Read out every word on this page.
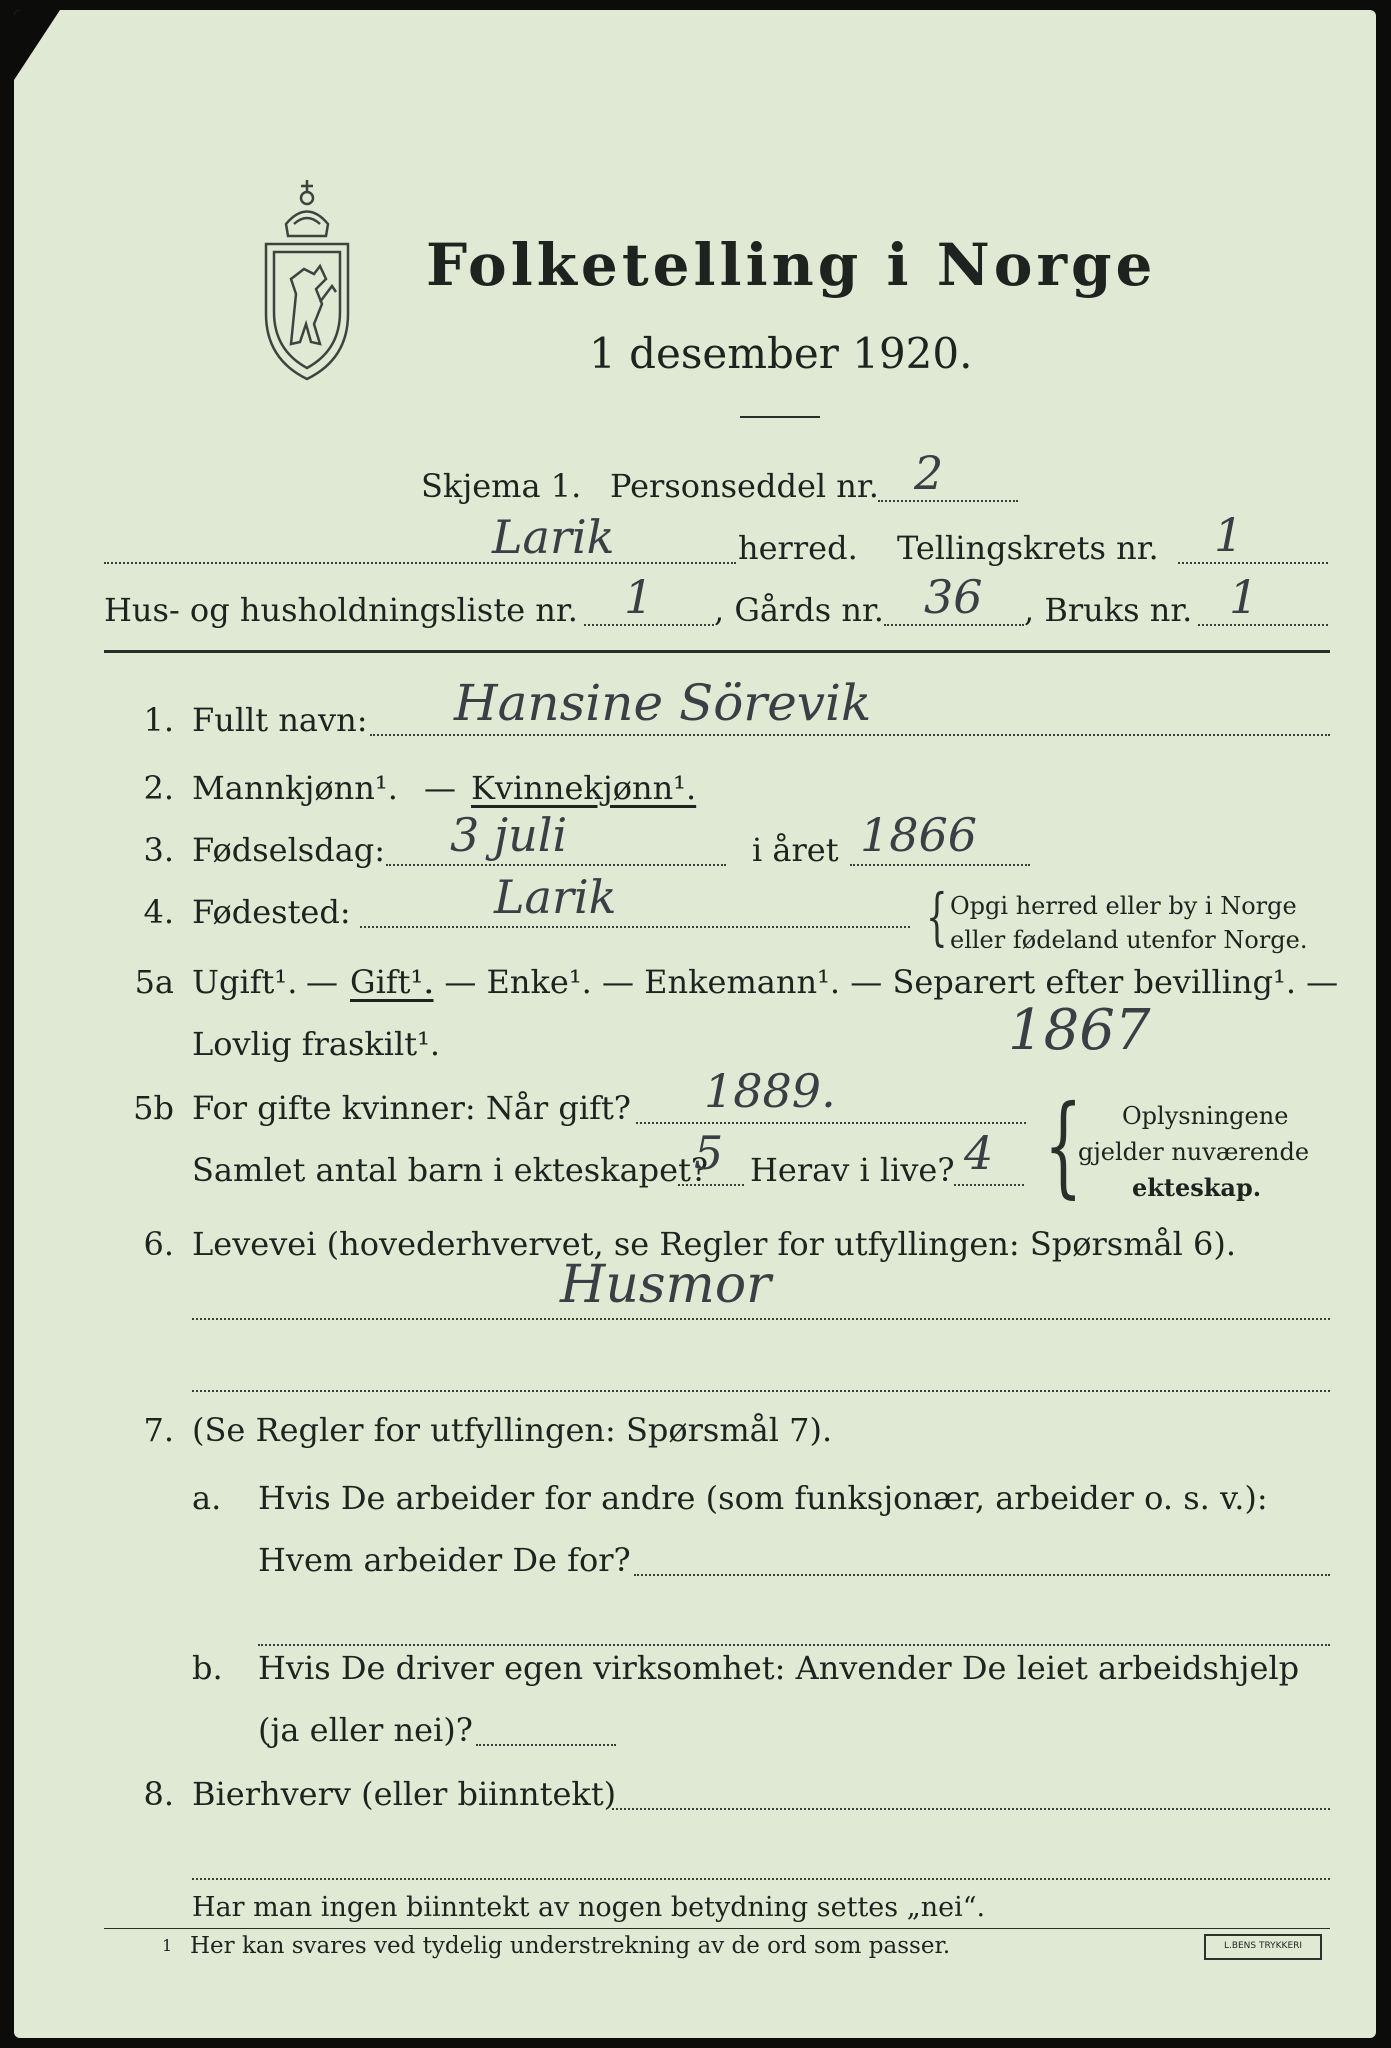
Folketelling i Norge
1 desember 1920.
Skjema 1. Personseddel nr. 2
Larik	herred. Tellingskrets nr. 1
Hus- og husholdningsliste nr. 1 , Gårds nr. 36 , Bruks nr. 1
1. Fullt navn: Hansine Sörevik
2. Mannkjønn¹. — Kvinnekjønn¹.
3. Fødselsdag: 3 juli	i året 1866
4. Fødested:	Larik	{ Opgi herred eller by i Norge
eller fødeland utenfor Norge.
5a Ugift¹. — Gift¹.
. — Enke¹. — Enkemann¹. — Separert efter bevilling¹. —
Lovlig fraskilt¹.	1867
5b For gifte kvinner: Når gift? 1889.
Samlet antal barn i ekteskapet?
5 Herav i live? 4 { Oplysningene
gjelder nuværende
ekteskap.
6. Levevei (hovederhvervet, se Regler for utfyllingen: Spørsmål 6).
Husmor
7. (Se Regler for utfyllingen: Spørsmål 7).
a. Hvis De arbeider for andre (som funksjonær, arbeider o. s. v.):
Hvem arbeider De for?
b. Hvis De driver egen virksomhet: Anvender De leiet arbeidshjelp
(ja eller nei)?
8. Bierhverv (eller biinntekt)
Har man ingen biinntekt av nogen betydning settes „nei“.
1 Her kan svares ved tydelig understrekning av de ord som passer.	L.BENS TRYKKERI
